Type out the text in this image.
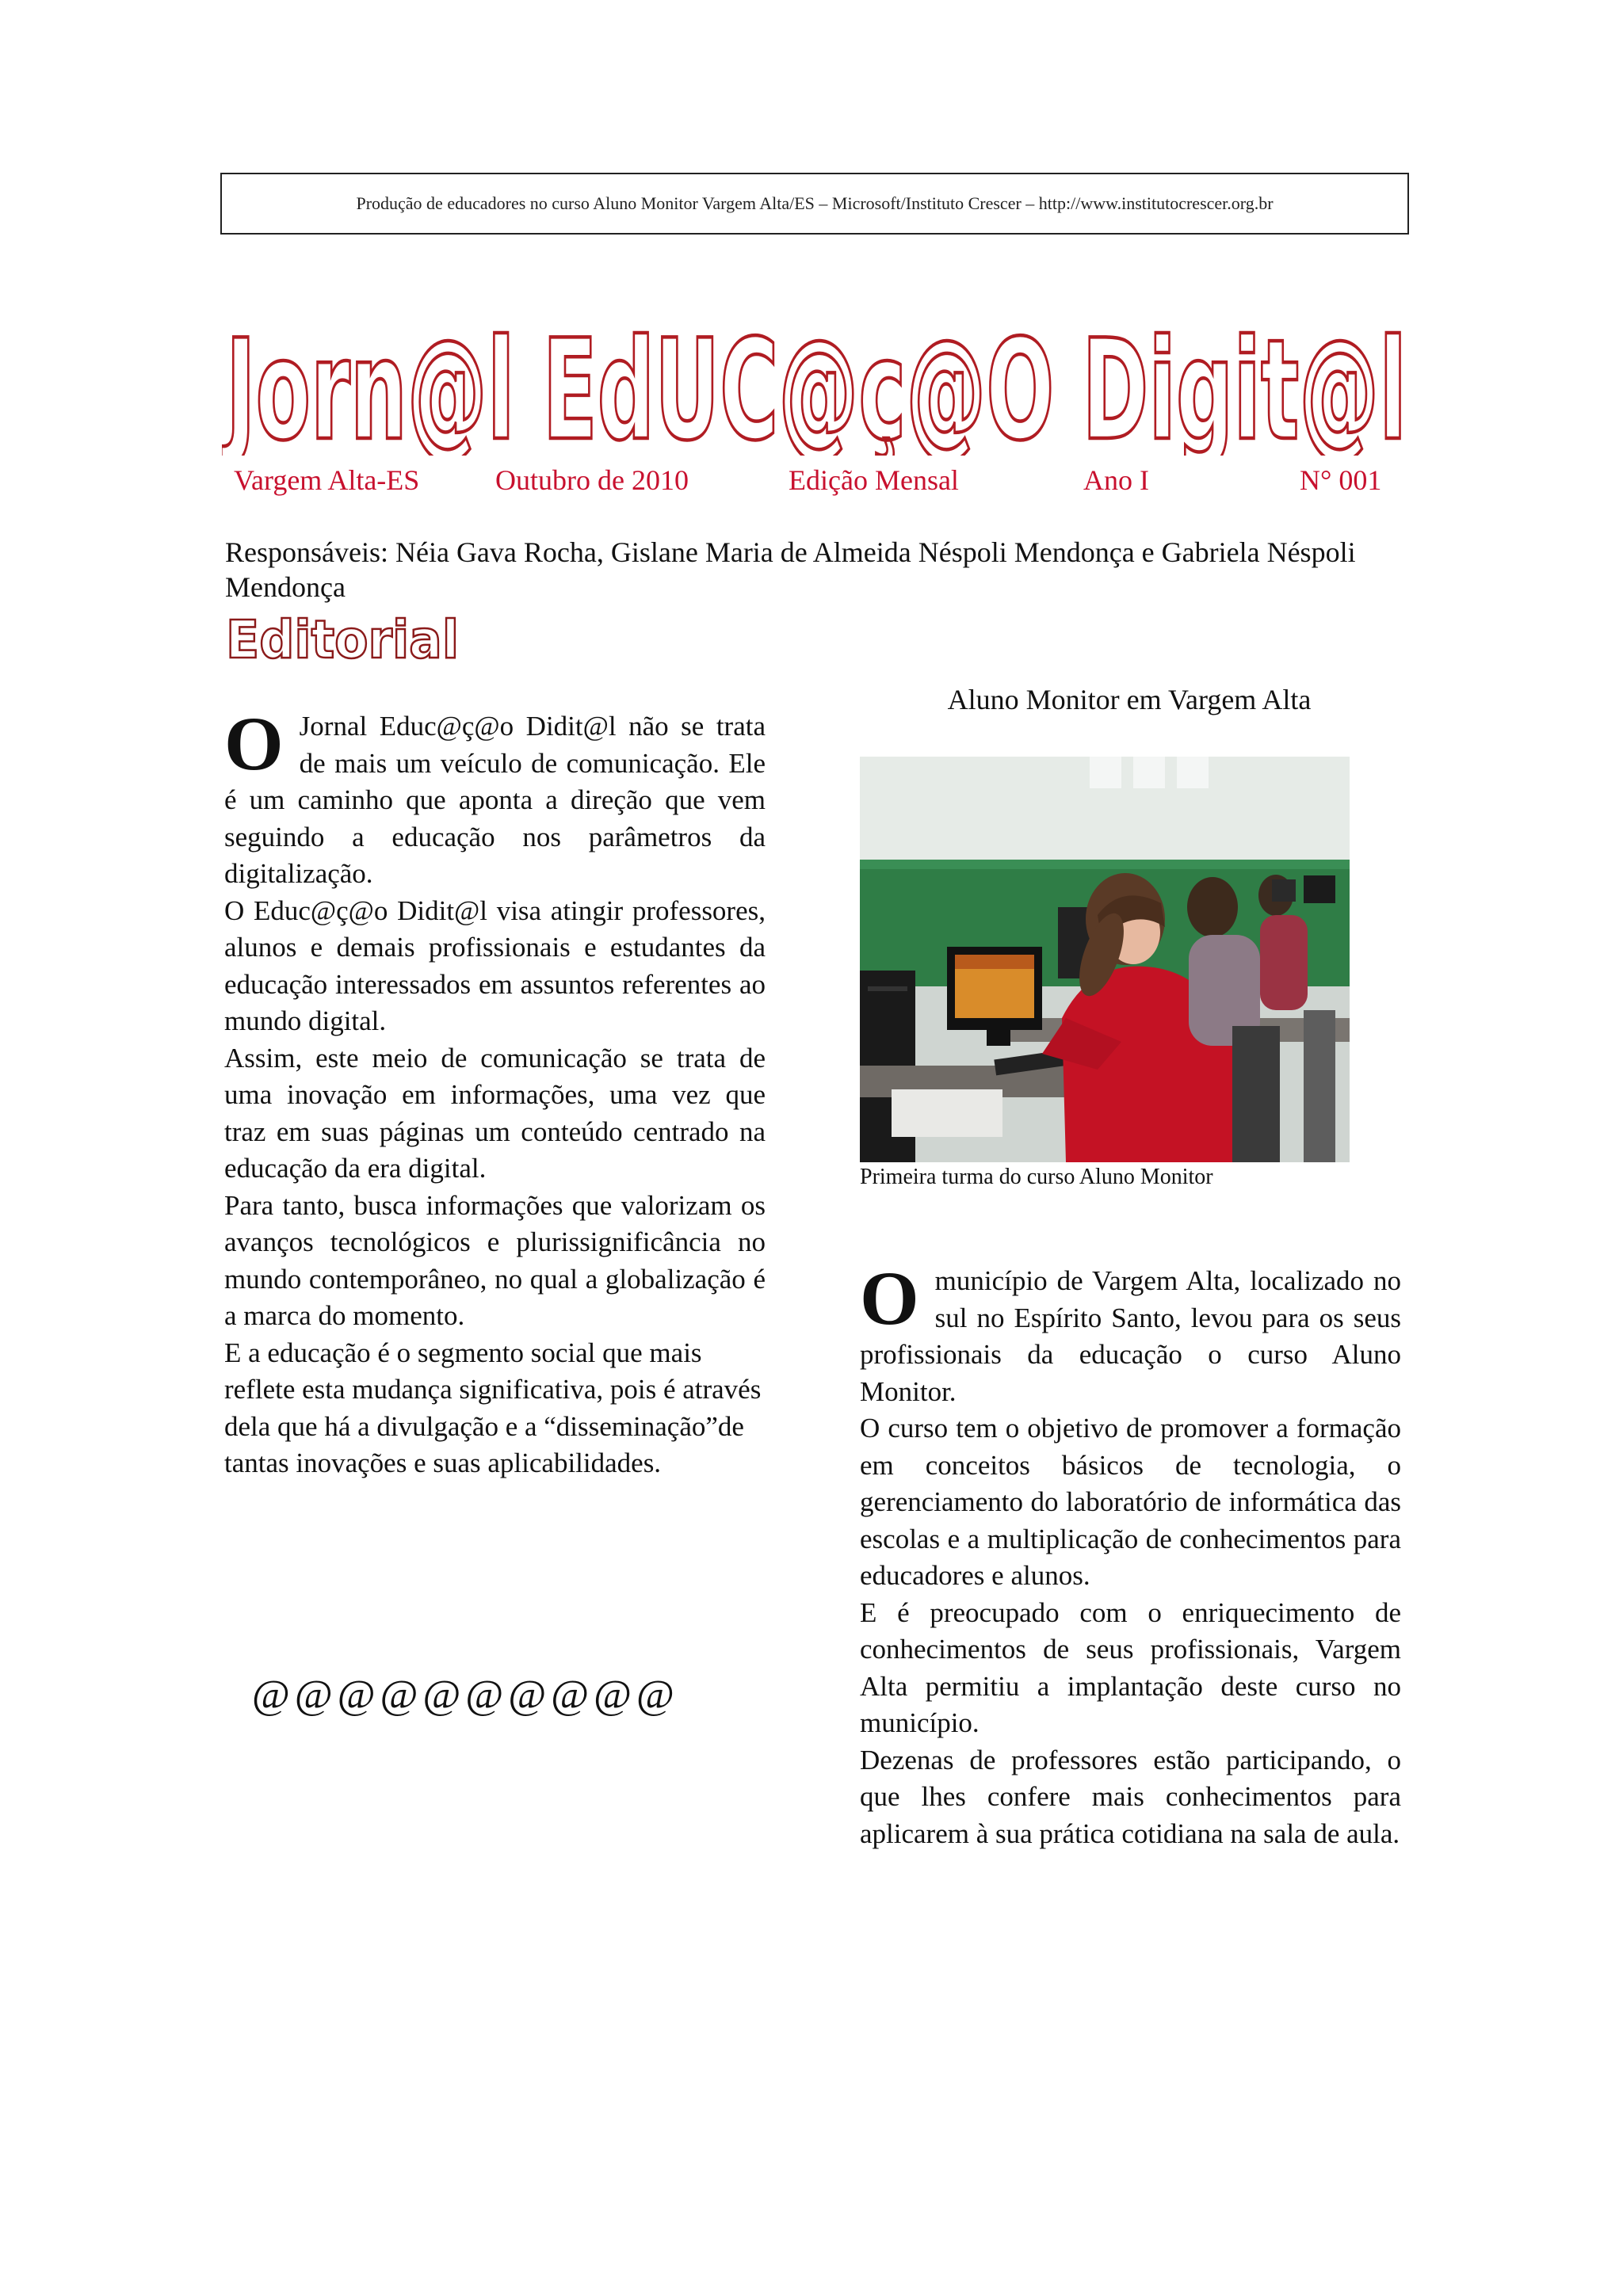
Produção de educadores no curso Aluno Monitor Vargem Alta/ES – Microsoft/Instituto Crescer – http://www.institutocrescer.org.br
Jorn@l EdUC@ç@O Digit@l
Vargem Alta-ES	Outubro de 2010	Edição Mensal	Ano I	N° 001
Responsáveis: Néia Gava Rocha, Gislane Maria de Almeida Néspoli Mendonça e Gabriela Néspoli Mendonça
Editorial

O Jornal Educ@ç@o Didit@l não se trata de mais um veículo de comunicação. Ele é um caminho que aponta a direção que vem seguindo a educação nos parâmetros da digitalização.

O Educ@ç@o Didit@l visa atingir professores, alunos e demais profissionais e estudantes da educação interessados em assuntos referentes ao mundo digital.

Assim, este meio de comunicação se trata de uma inovação em informações, uma vez que traz em suas páginas um conteúdo centrado na educação da era digital.

Para tanto, busca informações que valorizam os avanços tecnológicos e plurissignificância no mundo contemporâneo, no qual a globalização é a marca do momento.

E a educação é o segmento social que mais reflete esta mudança significativa, pois é através dela que há a divulgação e a “disseminação”de tantas inovações e suas aplicabilidades.

@@@@@@@@@@
Aluno Monitor em Vargem Alta
Primeira turma do curso Aluno Monitor

O município de Vargem Alta, localizado no sul no Espírito Santo, levou para os seus profissionais da educação o curso Aluno Monitor.

O curso tem o objetivo de promover a formação em conceitos básicos de tecnologia, o gerenciamento do laboratório de informática das escolas e a multiplicação de conhecimentos para educadores e alunos.

E é preocupado com o enriquecimento de conhecimentos de seus profissionais, Vargem Alta permitiu a implantação deste curso no município.

Dezenas de professores estão participando, o que lhes confere mais conhecimentos para aplicarem à sua prática cotidiana na sala de aula.
